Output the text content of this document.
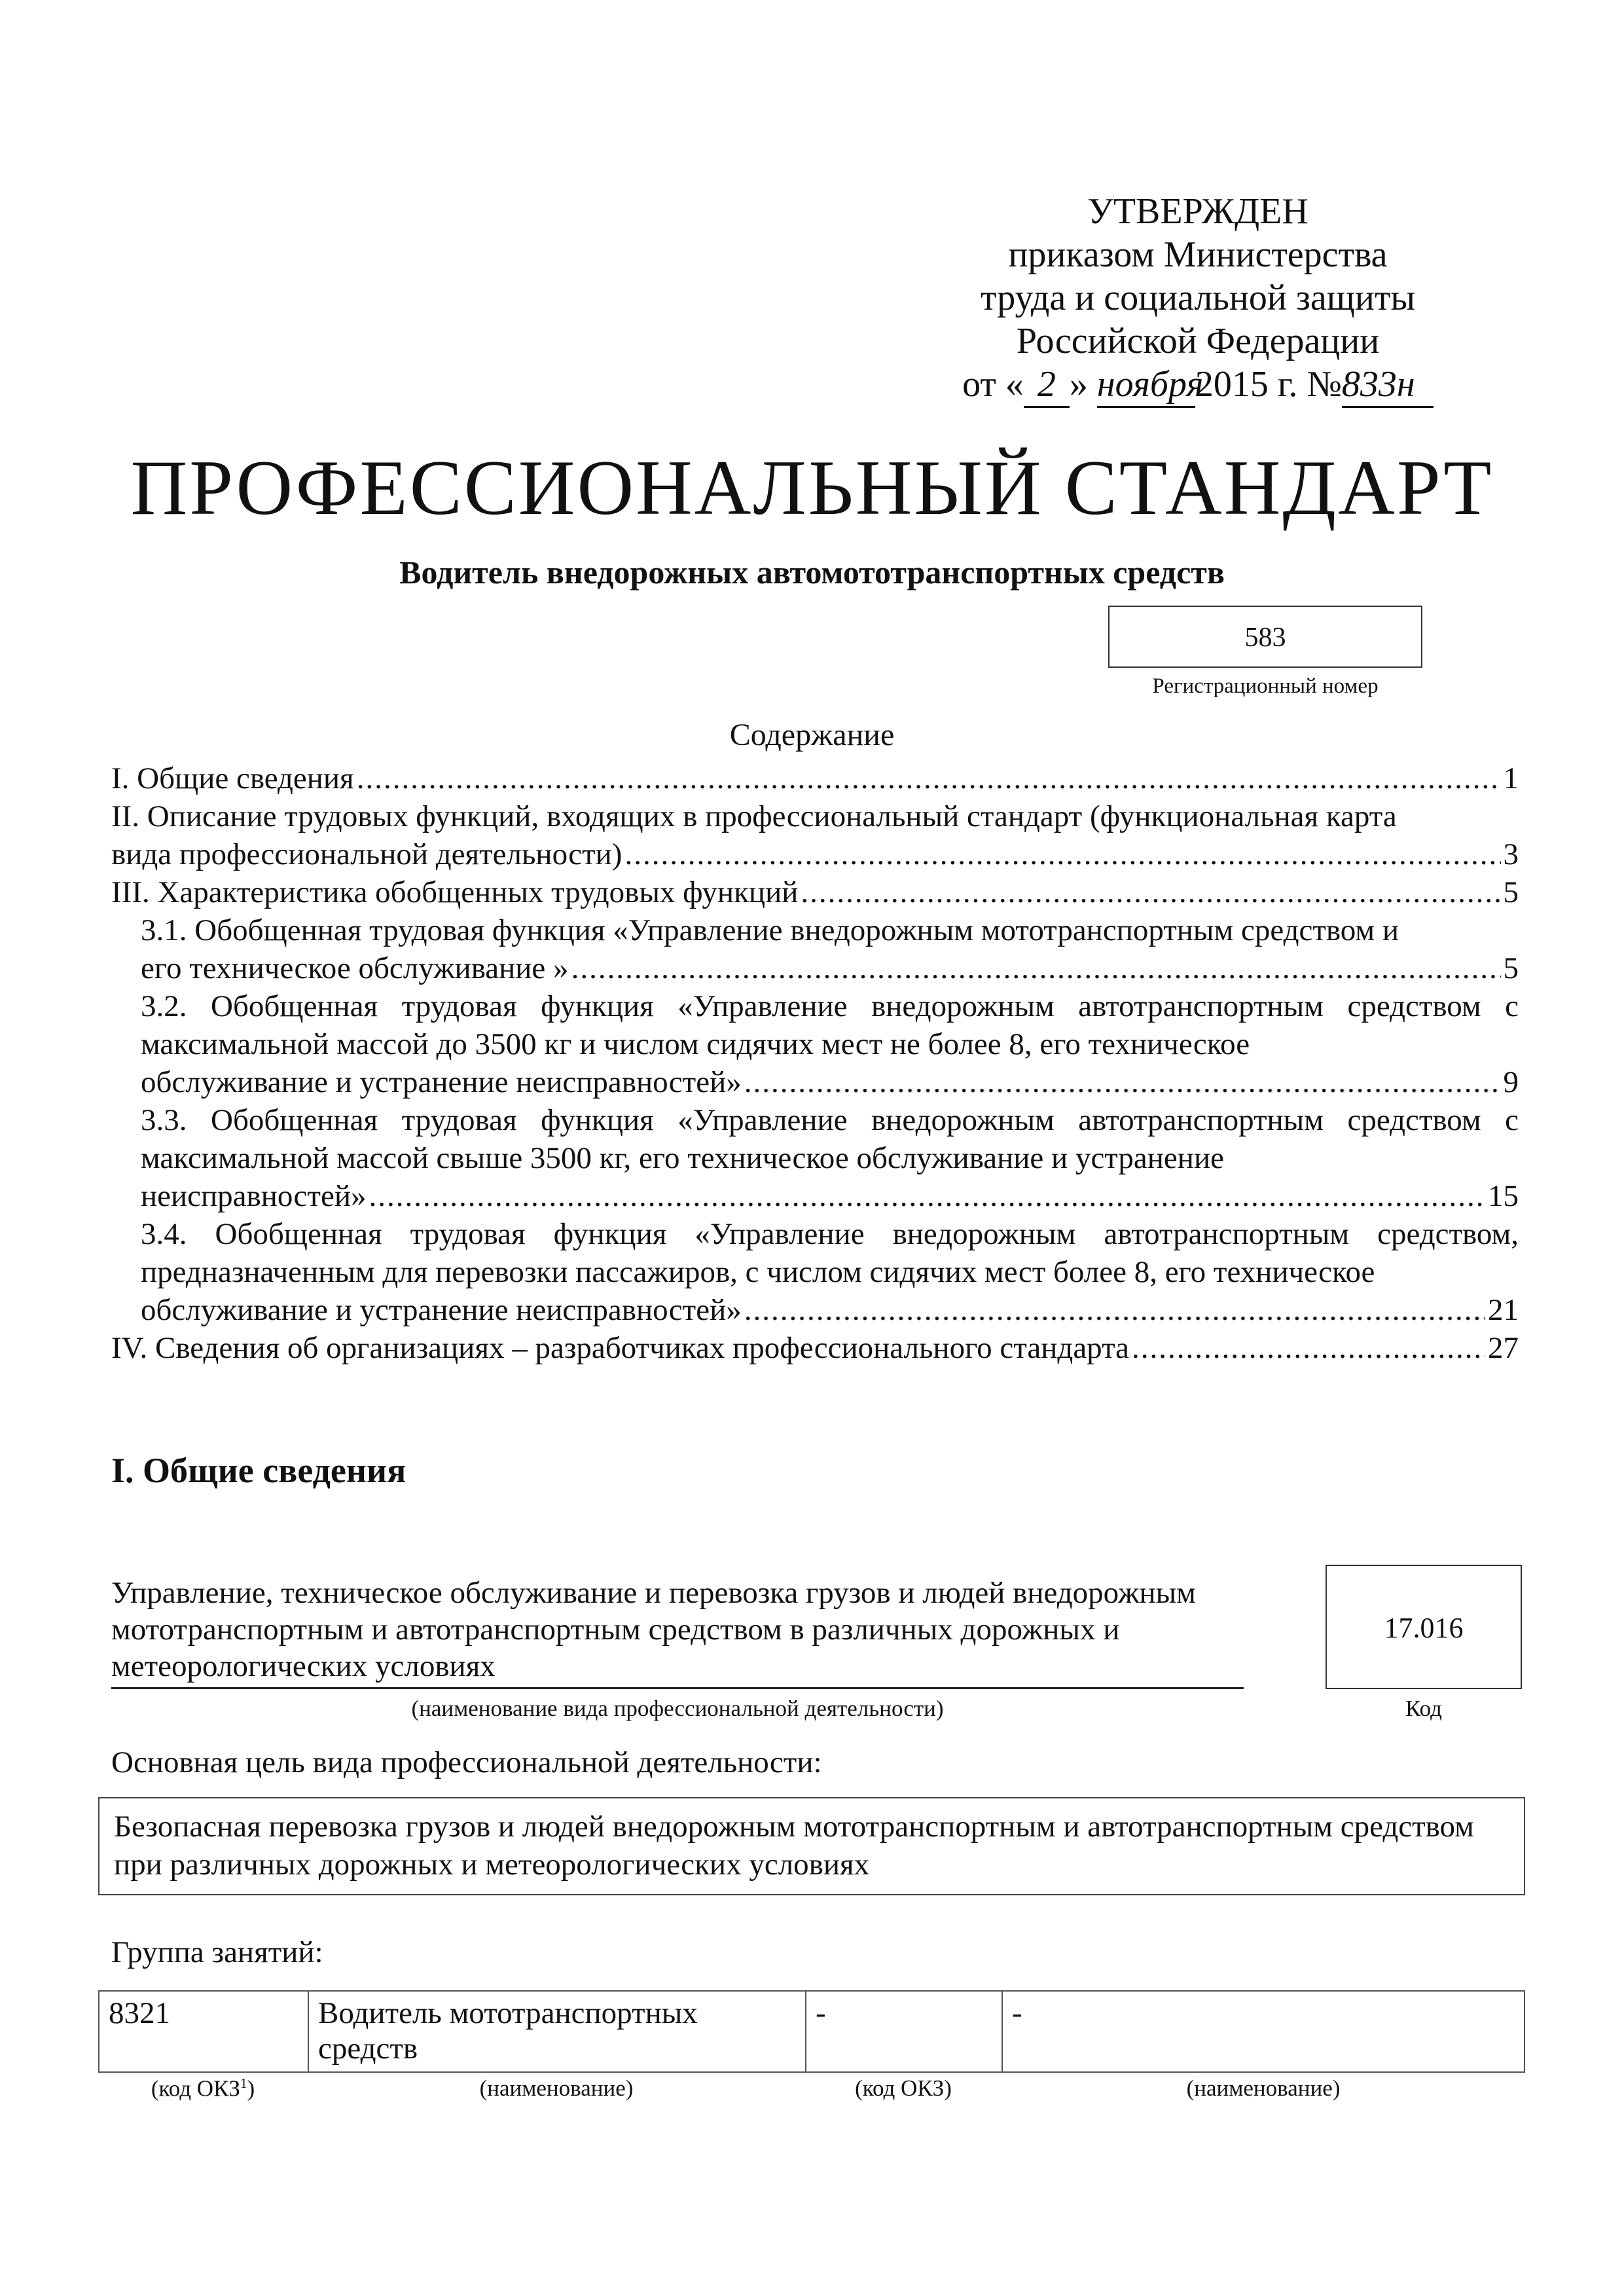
УТВЕРЖДЕН
приказом Министерства
труда и социальной защиты
Российской Федерации
от « 2 » ноября2015 г. №833н
ПРОФЕССИОНАЛЬНЫЙ СТАНДАРТ
Водитель внедорожных автомототранспортных средств
583
Регистрационный номер
Содержание
I. Общие сведения .....	1
II. Описание трудовых функций, входящих в профессиональный стандарт (функциональная карта
вида профессиональной деятельности) .....	3
III. Характеристика обобщенных трудовых функций .....	5
3.1. Обобщенная трудовая функция «Управление внедорожным мототранспортным средством и
его техническое обслуживание » .....	5
3.2. Обобщенная трудовая функция «Управление внедорожным автотранспортным средством с максимальной массой до 3500 кг и числом сидячих мест не более 8, его техническое
обслуживание и устранение неисправностей» .....	9
3.3. Обобщенная трудовая функция «Управление внедорожным автотранспортным средством с максимальной массой свыше 3500 кг, его техническое обслуживание и устранение
неисправностей» .....	15
3.4. Обобщенная трудовая функция «Управление внедорожным автотранспортным средством, предназначенным для перевозки пассажиров, с числом сидячих мест более 8, его техническое
обслуживание и устранение неисправностей» .....	21
IV. Сведения об организациях – разработчиках профессионального стандарта .....	27
I. Общие сведения
Управление, техническое обслуживание и перевозка грузов и людей внедорожным мототранспортным и автотранспортным средством в различных дорожных и метеорологических условиях
(наименование вида профессиональной деятельности)
17.016
Код
Основная цель вида профессиональной деятельности:
Безопасная перевозка грузов и людей внедорожным мототранспортным и автотранспортным средством при различных дорожных и метеорологических условиях
Группа занятий:
8321	Водитель мототранспортных средств	-	-
(код ОКЗ$^1$)	(наименование)	(код ОКЗ)	(наименование)
